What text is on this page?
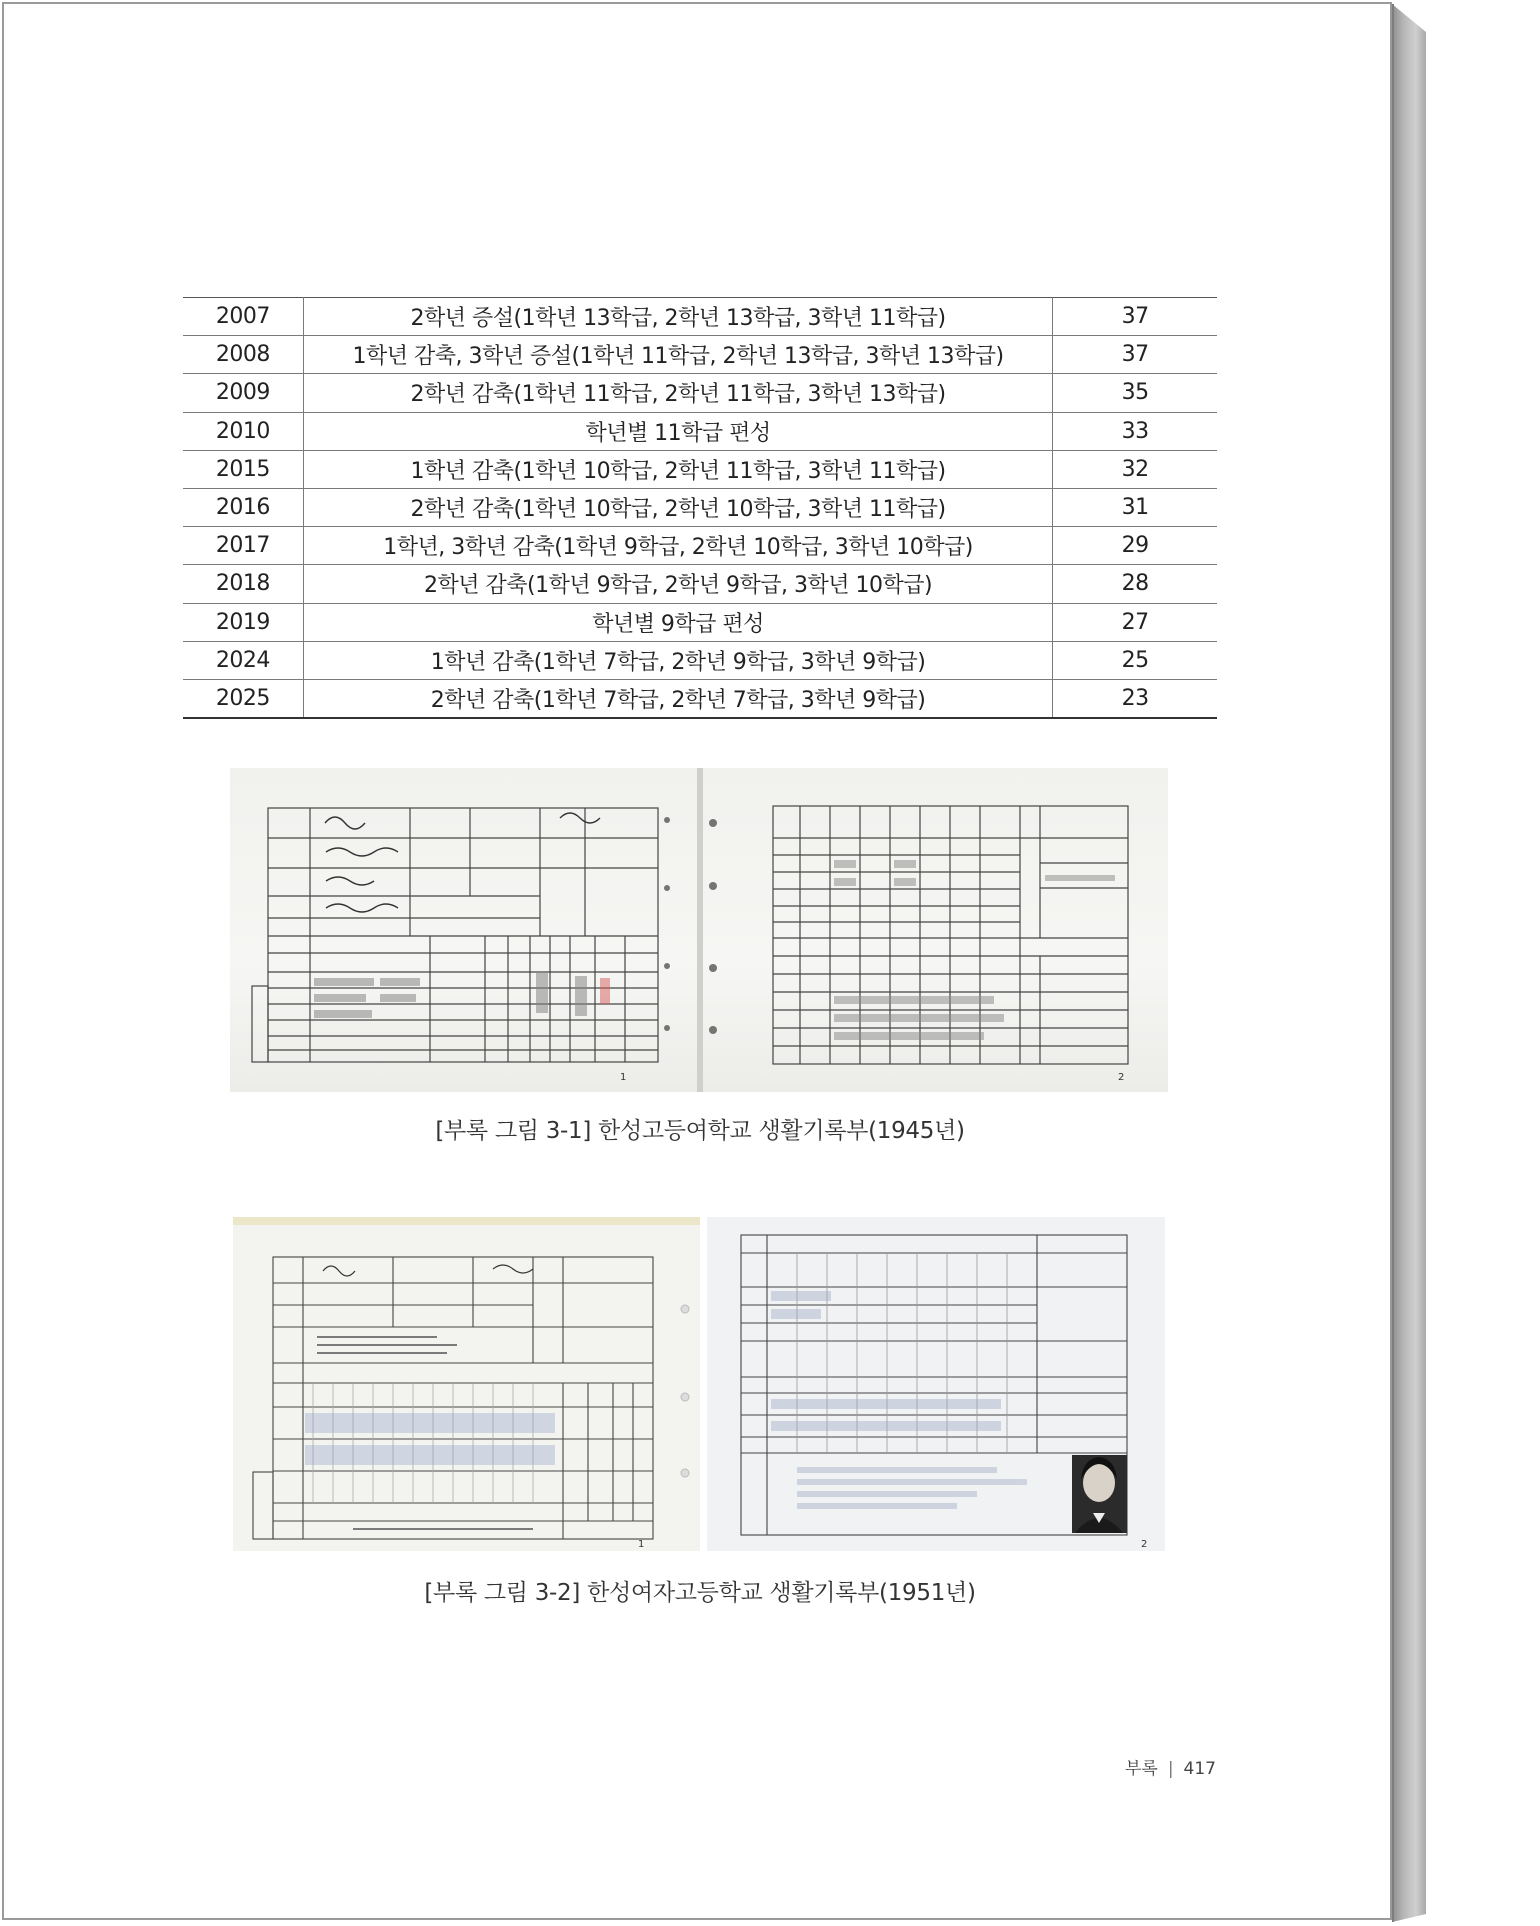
2007	2학년 증설(1학년 13학급, 2학년 13학급, 3학년 11학급)	37
2008	1학년 감축, 3학년 증설(1학년 11학급, 2학년 13학급, 3학년 13학급)	37
2009	2학년 감축(1학년 11학급, 2학년 11학급, 3학년 13학급)	35
2010	학년별 11학급 편성	33
2015	1학년 감축(1학년 10학급, 2학년 11학급, 3학년 11학급)	32
2016	2학년 감축(1학년 10학급, 2학년 10학급, 3학년 11학급)	31
2017	1학년, 3학년 감축(1학년 9학급, 2학년 10학급, 3학년 10학급)	29
2018	2학년 감축(1학년 9학급, 2학년 9학급, 3학년 10학급)	28
2019	학년별 9학급 편성	27
2024	1학년 감축(1학년 7학급, 2학년 9학급, 3학년 9학급)	25
2025	2학년 감축(1학년 7학급, 2학년 7학급, 3학년 9학급)	23
1	2
[부록 그림 3-1] 한성고등여학교 생활기록부(1945년)
1	2
[부록 그림 3-2] 한성여자고등학교 생활기록부(1951년)
부록 | 417
